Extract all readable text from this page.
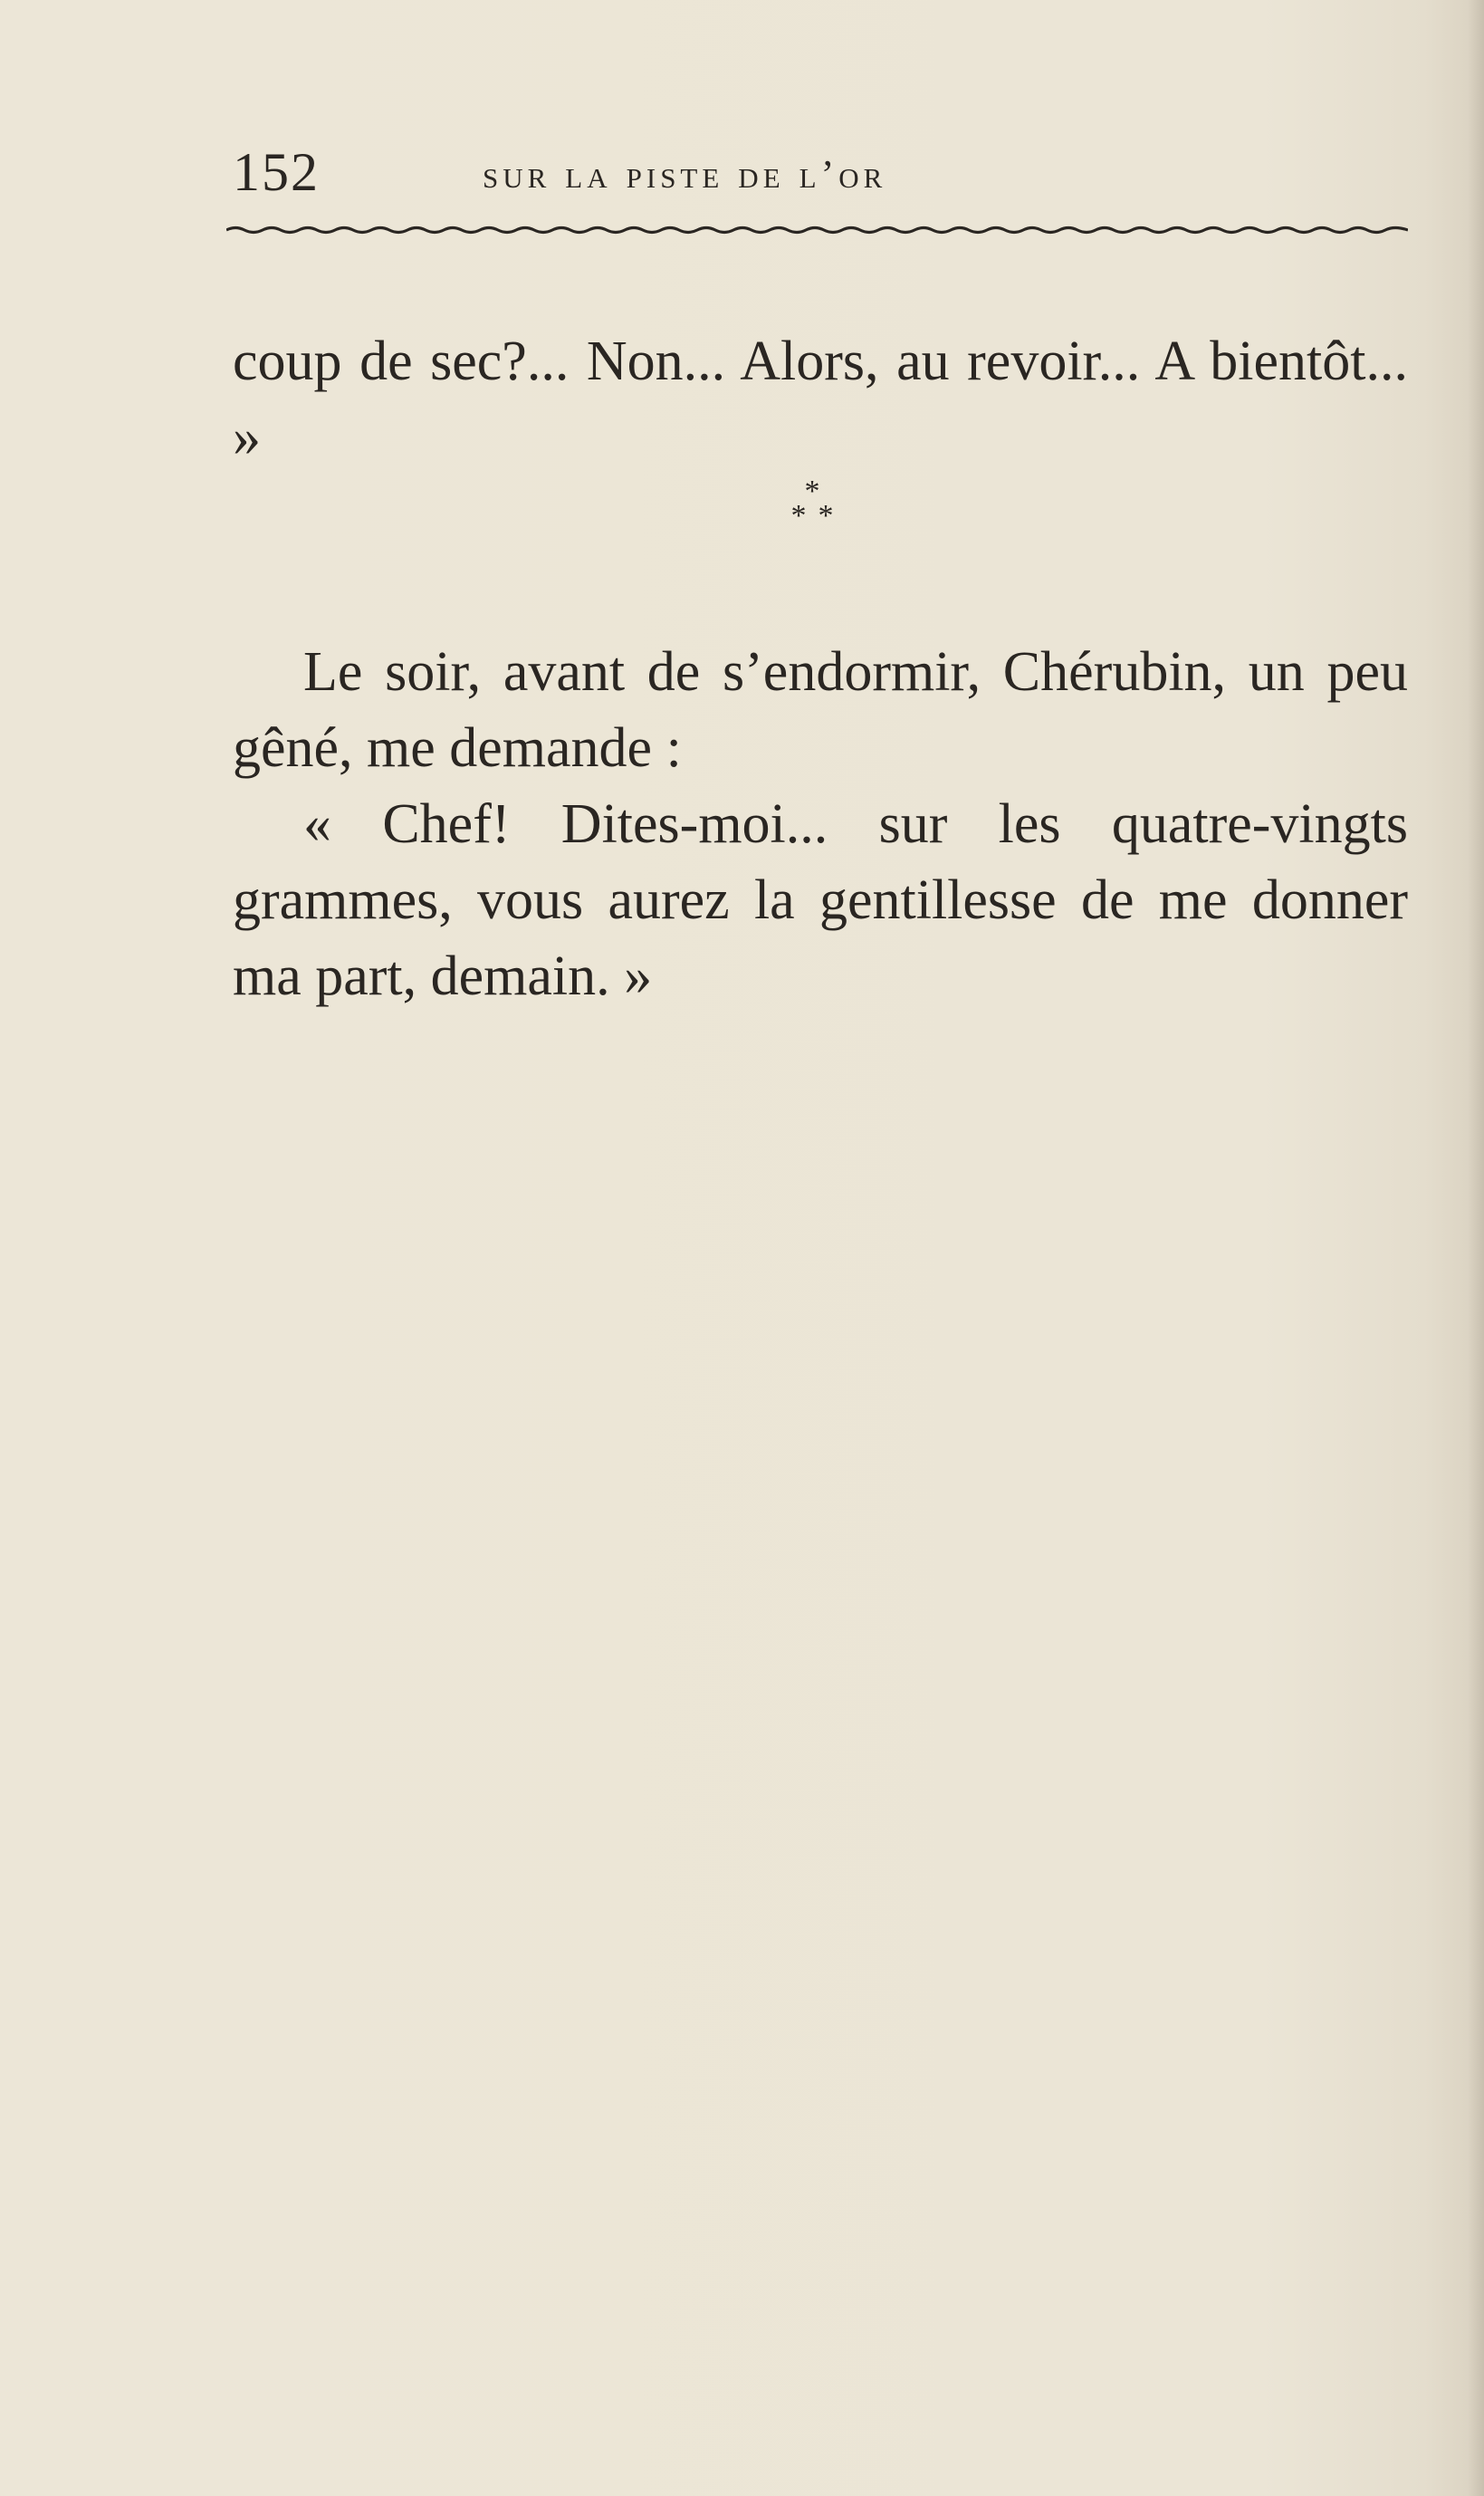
152	sur la piste de l’or

coup de sec?... Non... Alors, au revoir... A bientôt... »

*
* *

Le soir, avant de s’endormir, Chérubin, un peu gêné, me demande :

« Chef! Dites-moi... sur les quatre-vingts grammes, vous aurez la gentillesse de me donner ma part, demain. »
